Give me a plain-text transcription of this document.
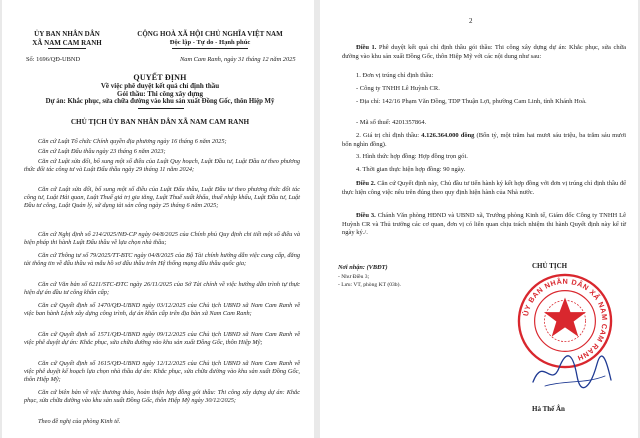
ỦY BAN NHÂN DÂN
XÃ NAM CAM RANH
CỘNG HOÀ XÃ HỘI CHỦ NGHĨA VIỆT NAM
Độc lập - Tự do - Hạnh phúc
Số: 1696/QĐ-UBND	Nam Cam Ranh, ngày 31 tháng 12 năm 2025
QUYẾT ĐỊNH
Về việc phê duyệt kết quả chỉ định thầu
Gói thầu: Thi công xây dựng
Dự án: Khắc phục, sửa chữa đường vào khu sản xuất Đồng Gốc, thôn Hiệp Mỹ
CHỦ TỊCH ỦY BAN NHÂN DÂN XÃ NAM CAM RANH
Căn cứ Luật Tổ chức Chính quyền địa phương ngày 16 tháng 6 năm 2025;
Căn cứ Luật Đấu thầu ngày 23 tháng 6 năm 2023;
Căn cứ Luật sửa đổi, bổ sung một số điều của Luật Quy hoạch, Luật Đầu tư, Luật Đầu tư theo phương thức đối tác công tư và Luật Đấu thầu ngày 29 tháng 11 năm 2024;
Căn cứ Luật sửa đổi, bổ sung một số điều của Luật Đấu thầu, Luật Đầu tư theo phương thức đối tác công tư, Luật Hải quan, Luật Thuế giá trị gia tăng, Luật Thuế xuất khẩu, thuế nhập khẩu, Luật Đầu tư, Luật Đầu tư công, Luật Quản lý, sử dụng tài sản công ngày 25 tháng 6 năm 2025;
Căn cứ Nghị định số 214/2025/NĐ-CP ngày 04/8/2025 của Chính phủ Quy định chi tiết một số điều và biện pháp thi hành Luật Đấu thầu về lựa chọn nhà thầu;
Căn cứ Thông tư số 79/2025/TT-BTC ngày 04/8/2025 của Bộ Tài chính hướng dẫn việc cung cấp, đăng tải thông tin về đấu thầu và mẫu hồ sơ đấu thầu trên Hệ thống mạng đấu thầu quốc gia;
Căn cứ Văn bản số 6211/STC-ĐTC ngày 26/11/2025 của Sở Tài chính về việc hướng dẫn trình tự thực hiện dự án đầu tư công khẩn cấp;
Căn cứ Quyết định số 1470/QĐ-UBND ngày 03/12/2025 của Chủ tịch UBND xã Nam Cam Ranh về việc ban hành Lệnh xây dựng công trình, dự án khẩn cấp trên địa bàn xã Nam Cam Ranh;
Căn cứ Quyết định số 1571/QĐ-UBND ngày 09/12/2025 của Chủ tịch UBND xã Nam Cam Ranh về việc phê duyệt dự án: Khắc phục, sửa chữa đường vào khu sản xuất Đồng Gốc, thôn Hiệp Mỹ;
Căn cứ Quyết định số 1615/QĐ-UBND ngày 12/12/2025 của Chủ tịch UBND xã Nam Cam Ranh về việc phê duyệt kế hoạch lựa chọn nhà thầu dự án: Khắc phục, sửa chữa đường vào khu sản xuất Đồng Gốc, thôn Hiệp Mỹ;
Căn cứ biên bản về việc thương thảo, hoàn thiện hợp đồng gói thầu: Thi công xây dựng dự án: Khắc phục, sửa chữa đường vào khu sản xuất Đồng Gốc, thôn Hiệp Mỹ ngày 30/12/2025;
Theo đề nghị của phòng Kinh tế.
2
Điều 1. Phê duyệt kết quả chỉ định thầu gói thầu: Thi công xây dựng dự án: Khắc phục, sửa chữa đường vào khu sản xuất Đồng Gốc, thôn Hiệp Mỹ với các nội dung như sau:
1. Đơn vị trúng chỉ định thầu:
- Công ty TNHH Lê Huỳnh CR.
- Địa chỉ: 142/16 Phạm Văn Đồng, TDP Thuận Lợi, phường Cam Linh, tỉnh Khánh Hoà.
- Mã số thuế: 4201357864.
2. Giá trị chỉ định thầu: 4.126.364.000 đồng (Bốn tỷ, một trăm hai mươi sáu triệu, ba trăm sáu mươi bốn nghìn đồng).
3. Hình thức hợp đồng: Hợp đồng trọn gói.
4. Thời gian thực hiện hợp đồng: 90 ngày.
Điều 2. Căn cứ Quyết định này, Chủ đầu tư tiến hành ký kết hợp đồng với đơn vị trúng chỉ định thầu để thực hiện công việc nêu trên đúng theo quy định hiện hành của Nhà nước.
Điều 3. Chánh Văn phòng HĐND và UBND xã, Trưởng phòng Kinh tế, Giám đốc Công ty TNHH Lê Huỳnh CR và Thủ trưởng các cơ quan, đơn vị có liên quan chịu trách nhiệm thi hành Quyết định này kể từ ngày ký./.
Nơi nhận: (VBĐT)
- Như Điều 3;
- Lưu: VT, phòng KT (03b).
CHỦ TỊCH
ỦY BAN NHÂN DÂN XÃ NAM CAM RANH
Hà Thế Ân
